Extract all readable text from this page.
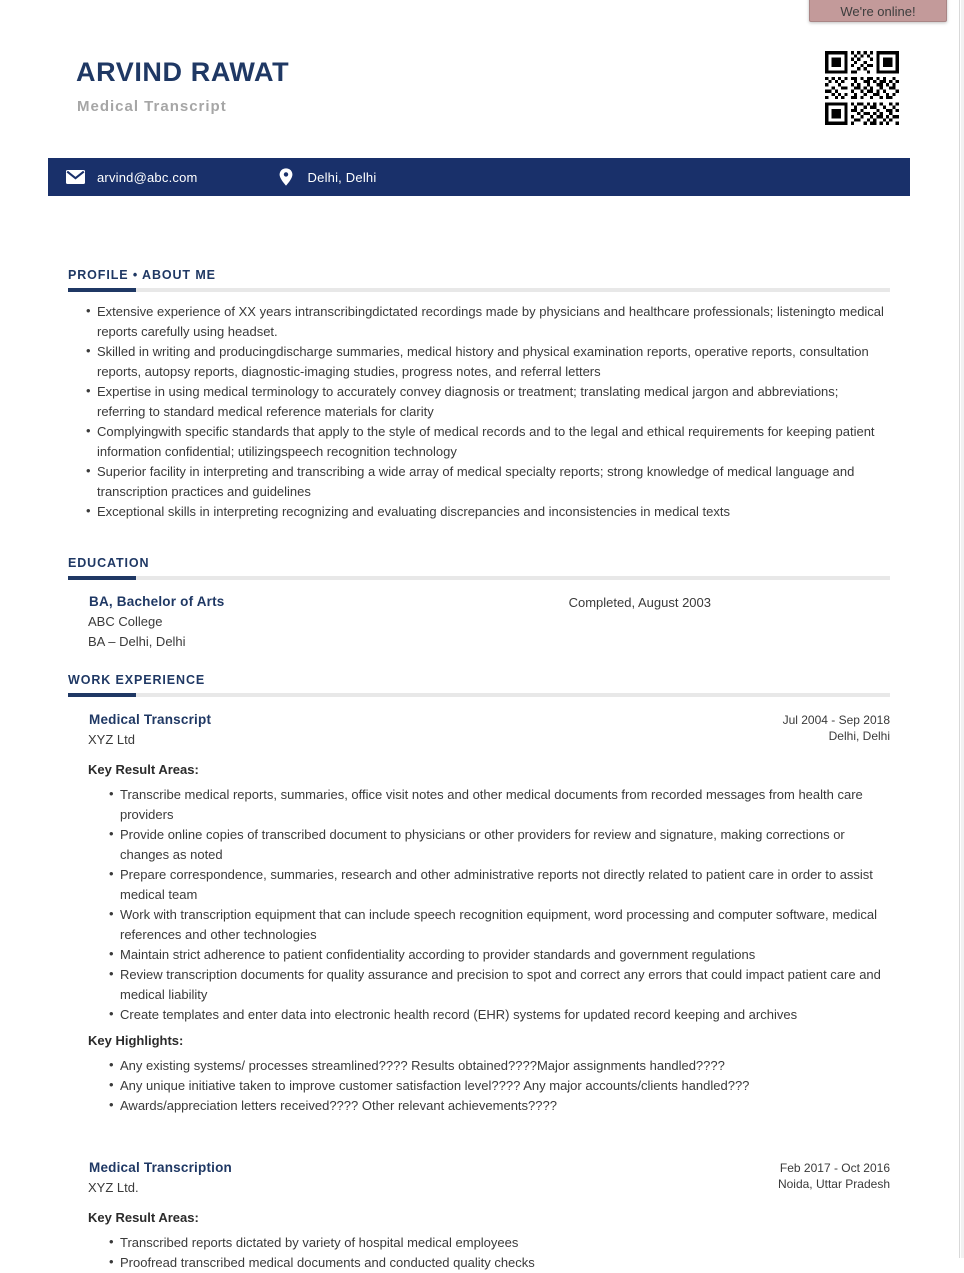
We're online!
ARVIND RAWAT
Medical Transcript
arvind@abc.com	Delhi, Delhi
PROFILE • ABOUT ME
• Extensive experience of XX years intranscribingdictated recordings made by physicians and healthcare professionals; listeningto medical reports carefully using headset.
• Skilled in writing and producingdischarge summaries, medical history and physical examination reports, operative reports, consultation reports, autopsy reports, diagnostic-imaging studies, progress notes, and referral letters
• Expertise in using medical terminology to accurately convey diagnosis or treatment; translating medical jargon and abbreviations; referring to standard medical reference materials for clarity
• Complyingwith specific standards that apply to the style of medical records and to the legal and ethical requirements for keeping patient information confidential; utilizingspeech recognition technology
• Superior facility in interpreting and transcribing a wide array of medical specialty reports; strong knowledge of medical language and transcription practices and guidelines
• Exceptional skills in interpreting recognizing and evaluating discrepancies and inconsistencies in medical texts
EDUCATION
BA, Bachelor of Arts
ABC College
BA – Delhi, Delhi
Completed, August 2003
WORK EXPERIENCE
Medical Transcript
XYZ Ltd
Jul 2004 - Sep 2018
Delhi, Delhi
Key Result Areas:
• Transcribe medical reports, summaries, office visit notes and other medical documents from recorded messages from health care providers
• Provide online copies of transcribed document to physicians or other providers for review and signature, making corrections or changes as noted
• Prepare correspondence, summaries, research and other administrative reports not directly related to patient care in order to assist medical team
• Work with transcription equipment that can include speech recognition equipment, word processing and computer software, medical references and other technologies
• Maintain strict adherence to patient confidentiality according to provider standards and government regulations
• Review transcription documents for quality assurance and precision to spot and correct any errors that could impact patient care and medical liability
• Create templates and enter data into electronic health record (EHR) systems for updated record keeping and archives
Key Highlights:
• Any existing systems/ processes streamlined???? Results obtained????Major assignments handled????
• Any unique initiative taken to improve customer satisfaction level???? Any major accounts/clients handled???
• Awards/appreciation letters received???? Other relevant achievements????
Medical Transcription
XYZ Ltd.
Feb 2017 - Oct 2016
Noida, Uttar Pradesh
Key Result Areas:
• Transcribed reports dictated by variety of hospital medical employees
• Proofread transcribed medical documents and conducted quality checks
